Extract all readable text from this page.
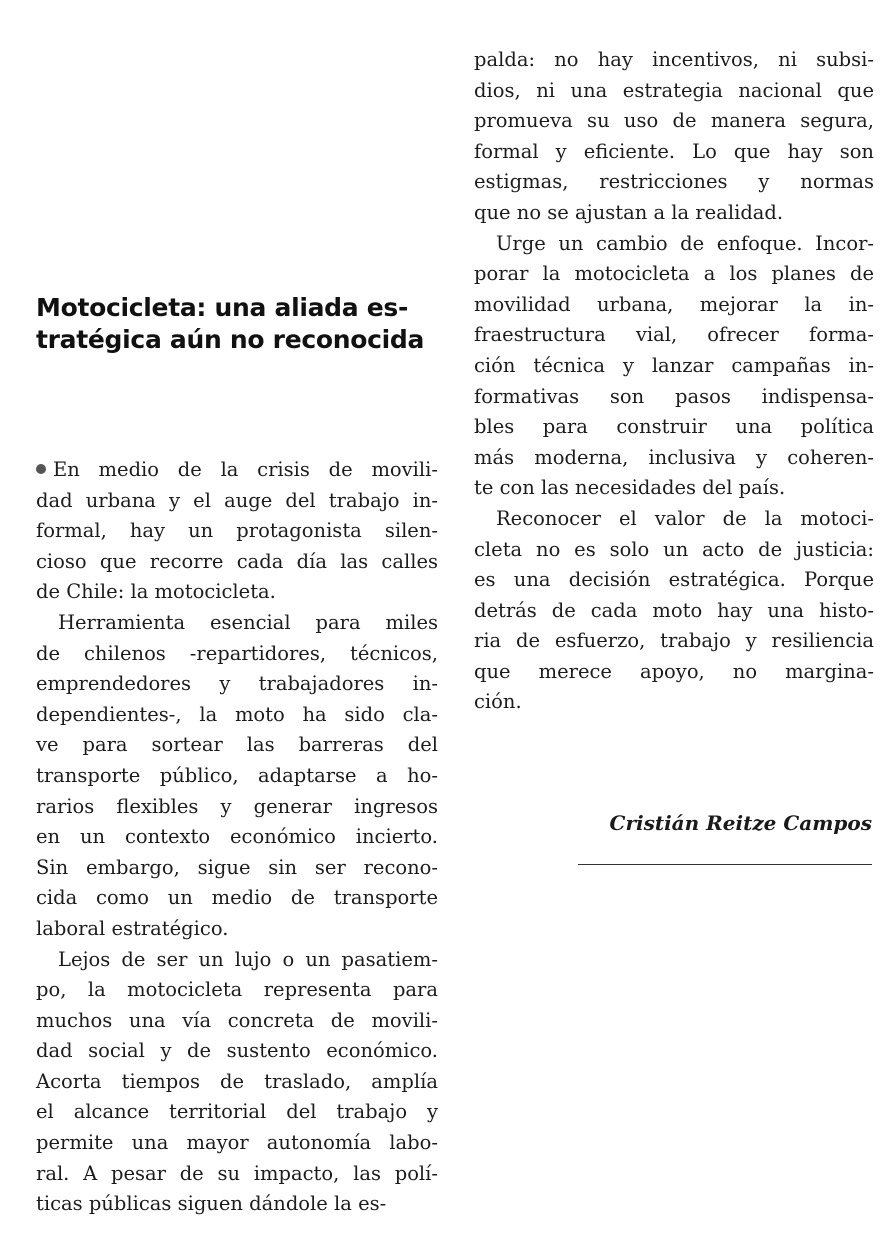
Motocicleta: una aliada es-
tratégica aún no reconocida
En medio de la crisis de movili-
dad urbana y el auge del trabajo in-
formal, hay un protagonista silen-
cioso que recorre cada día las calles
de Chile: la motocicleta.
Herramienta esencial para miles
de chilenos -repartidores, técnicos,
emprendedores y trabajadores in-
dependientes-, la moto ha sido cla-
ve para sortear las barreras del
transporte público, adaptarse a ho-
rarios flexibles y generar ingresos
en un contexto económico incierto.
Sin embargo, sigue sin ser recono-
cida como un medio de transporte
laboral estratégico.
Lejos de ser un lujo o un pasatiem-
po, la motocicleta representa para
muchos una vía concreta de movili-
dad social y de sustento económico.
Acorta tiempos de traslado, amplía
el alcance territorial del trabajo y
permite una mayor autonomía labo-
ral. A pesar de su impacto, las polí-
ticas públicas siguen dándole la es-
palda: no hay incentivos, ni subsi-
dios, ni una estrategia nacional que
promueva su uso de manera segura,
formal y eficiente. Lo que hay son
estigmas, restricciones y normas
que no se ajustan a la realidad.
Urge un cambio de enfoque. Incor-
porar la motocicleta a los planes de
movilidad urbana, mejorar la in-
fraestructura vial, ofrecer forma-
ción técnica y lanzar campañas in-
formativas son pasos indispensa-
bles para construir una política
más moderna, inclusiva y coheren-
te con las necesidades del país.
Reconocer el valor de la motoci-
cleta no es solo un acto de justicia:
es una decisión estratégica. Porque
detrás de cada moto hay una histo-
ria de esfuerzo, trabajo y resiliencia
que merece apoyo, no margina-
ción.
Cristián Reitze Campos
